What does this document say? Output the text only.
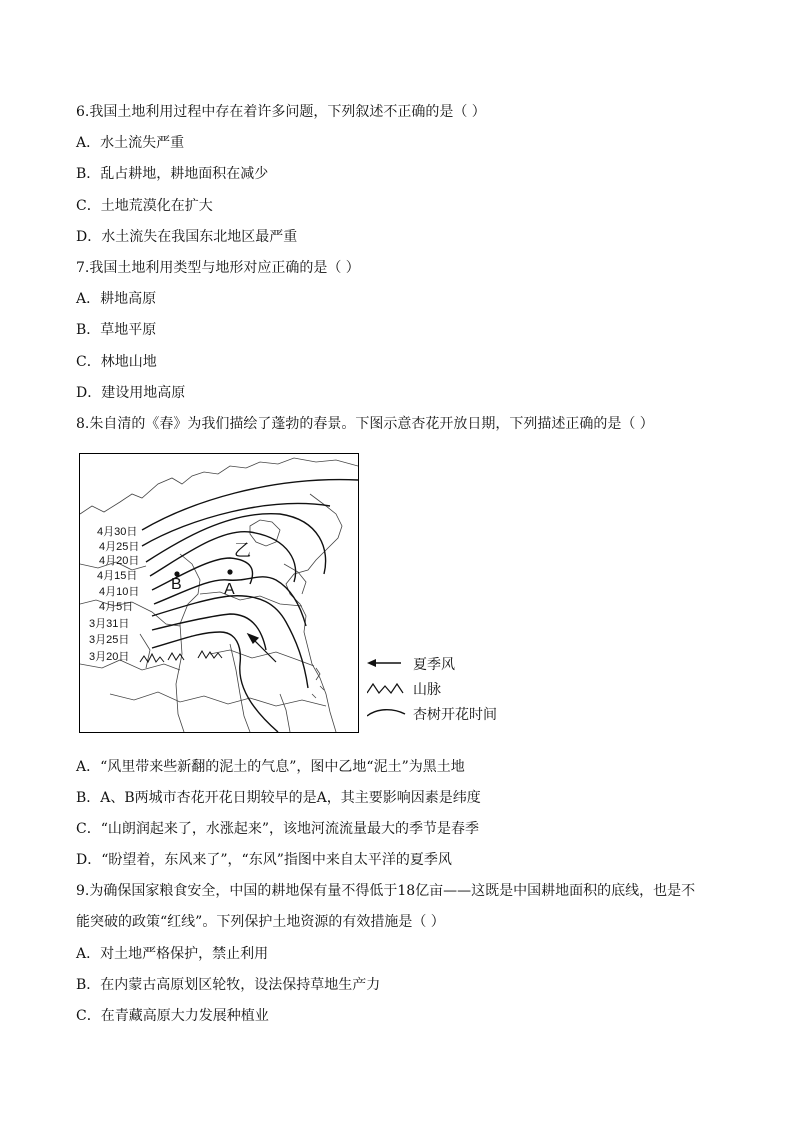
6.我国土地利用过程中存在着许多问题，下列叙述不正确的是（ ）
A．水土流失严重
B．乱占耕地，耕地面积在减少
C．土地荒漠化在扩大
D．水土流失在我国东北地区最严重
7.我国土地利用类型与地形对应正确的是（ ）
A．耕地高原
B．草地平原
C．林地山地
D．建设用地高原
8.朱自清的《春》为我们描绘了蓬勃的春景。下图示意杏花开放日期，下列描述正确的是（ ）
4月30日
4月25日
4月20日
4月15日
4月10日
4月5日
3月31日
3月25日
3月20日
B	A
乙
夏季风
山脉
杏树开花时间
A．“风里带来些新翻的泥土的气息”，图中乙地“泥土”为黑土地
B．A、B两城市杏花开花日期较早的是A，其主要影响因素是纬度
C．“山朗润起来了，水涨起来”，该地河流流量最大的季节是春季
D．“盼望着，东风来了”，“东风”指图中来自太平洋的夏季风
9.为确保国家粮食安全，中国的耕地保有量不得低于18亿亩——这既是中国耕地面积的底线，也是不
能突破的政策“红线”。下列保护土地资源的有效措施是（ ）
A．对土地严格保护，禁止利用
B．在内蒙古高原划区轮牧，设法保持草地生产力
C．在青藏高原大力发展种植业
